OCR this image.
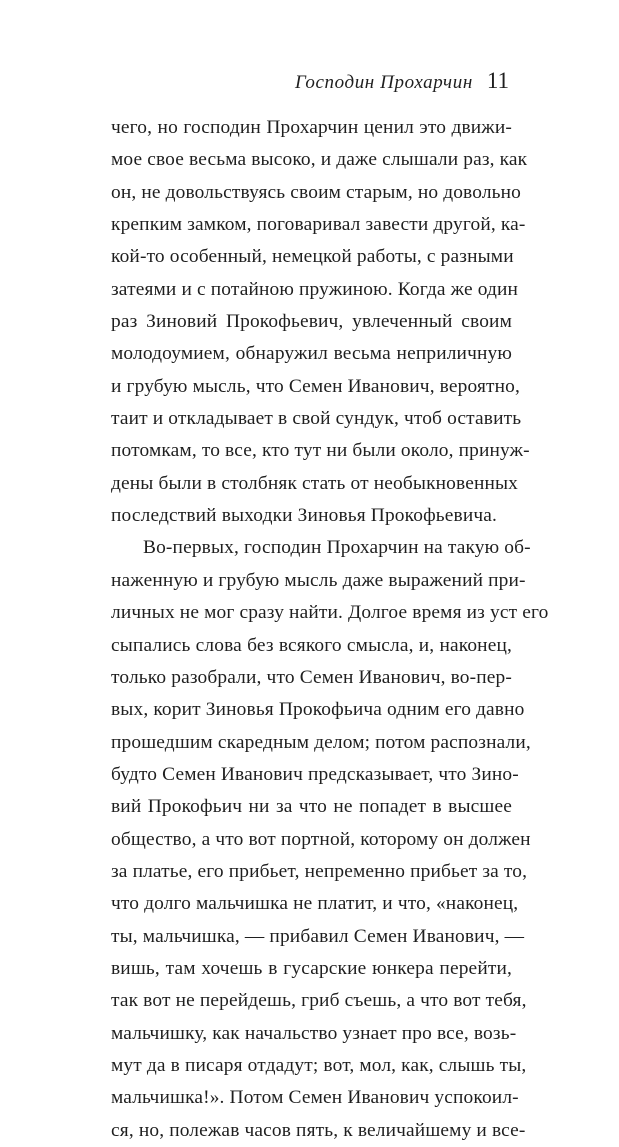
Господин Прохарчин 11
чего, но господин Прохарчин ценил это движи-
мое свое весьма высоко, и даже слышали раз, как
он, не довольствуясь своим старым, но довольно
крепким замком, поговаривал завести другой, ка-
кой-то особенный, немецкой работы, с разными
затеями и с потайною пружиною. Когда же один
раз Зиновий Прокофьевич, увлеченный своим
молодоумием, обнаружил весьма неприличную
и грубую мысль, что Семен Иванович, вероятно,
таит и откладывает в свой сундук, чтоб оставить
потомкам, то все, кто тут ни были около, принуж-
дены были в столбняк стать от необыкновенных
последствий выходки Зиновья Прокофьевича.
Во-первых, господин Прохарчин на такую об-
наженную и грубую мысль даже выражений при-
личных не мог сразу найти. Долгое время из уст его
сыпались слова без всякого смысла, и, наконец,
только разобрали, что Семен Иванович, во-пер-
вых, корит Зиновья Прокофьича одним его давно
прошедшим скаредным делом; потом распознали,
будто Семен Иванович предсказывает, что Зино-
вий Прокофьич ни за что не попадет в высшее
общество, а что вот портной, которому он должен
за платье, его прибьет, непременно прибьет за то,
что долго мальчишка не платит, и что, «наконец,
ты, мальчишка, — прибавил Семен Иванович, —
вишь, там хочешь в гусарские юнкера перейти,
так вот не перейдешь, гриб съешь, а что вот тебя,
мальчишку, как начальство узнает про все, возь-
мут да в писаря отдадут; вот, мол, как, слышь ты,
мальчишка!». Потом Семен Иванович успокоил-
ся, но, полежав часов пять, к величайшему и все-
